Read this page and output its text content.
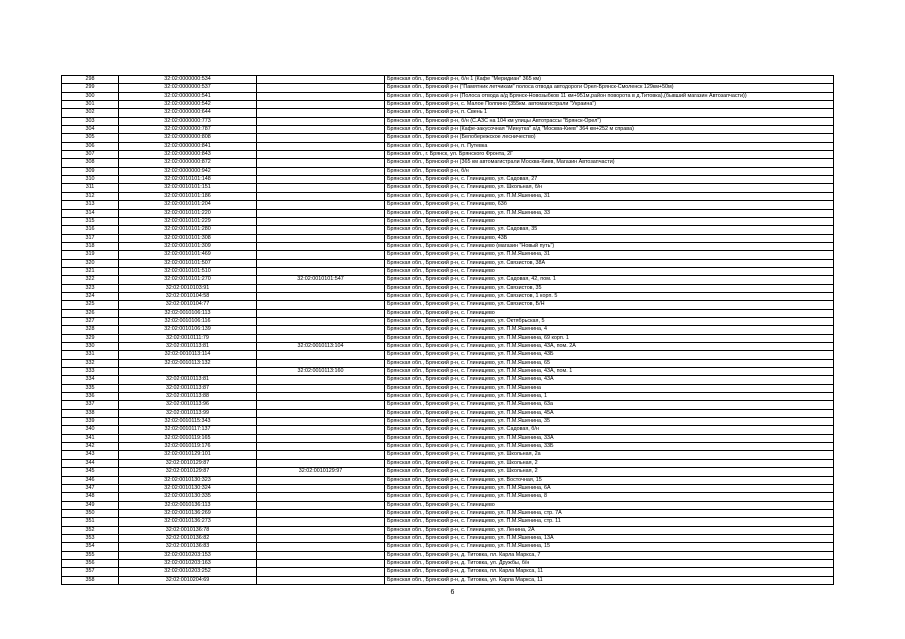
298	32:02:0000000:534		Брянская обл., Брянский р-н, б/н 1 (Кафе "Меридиан" 365 км)
299	32:02:0000000:537		Брянская обл., Брянский р-н ("Памятник летчикам" полоса отвода автодороги Орел-Брянск-Смоленск 129км+50м)
300	32:02:0000000:541		Брянская обл., Брянский р-н (Полоса отвода а/д Брянск-Новозыбков 11 км+951м,район поворота в д.Титовка),(бывший магазин Автозапчасти))
301	32:02:0000000:542		Брянская обл., Брянский р-н, с. Малое Полпино (355км. автомагистрали "Украина")
302	32:02:0000000:644		Брянская обл., Брянский р-н, п. Свень 1
303	32:02:0000000:773		Брянская обл., Брянский р-н, б/н (С.АЗС на 104 км улицы Автотрассы "Брянск-Орел")
304	32:02:0000000:787		Брянская обл., Брянский р-н (Кафе-закусочная "Минутка" а/д "Москва-Киев" 364 км+252 м справа)
305	32:02:0000000:808		Брянская обл., Брянский р-н (Белобережское лесничество)
306	32:02:0000000:841		Брянская обл., Брянский р-н, п. Путевка
307	32:02:0000000:843		Брянская обл., г. Брянск, ул. Брянского Фронта, 2Г
308	32:02:0000000:872		Брянская обл., Брянский р-н (365 км автомагистрали Москва-Киев, Магазин Автозапчасти)
309	32:02:0000000:942		Брянская обл., Брянский р-н, б/н
310	32:02:0010101:148		Брянская обл., Брянский р-н, с. Глинищево, ул. Садовая, 27
311	32:02:0010101:151		Брянская обл., Брянский р-н, с. Глинищево, ул. Школьная, б/н
312	32:02:0010101:186		Брянская обл., Брянский р-н, с. Глинищево, ул. П.М.Яшенина, 31
313	32:02:0010101:204		Брянская обл., Брянский р-н, с. Глинищево, 63б
314	32:02:0010101:220		Брянская обл., Брянский р-н, с. Глинищево, ул. П.М.Яшенина, 33
315	32:02:0010101:229		Брянская обл., Брянский р-н, с. Глинищево
316	32:02:0010101:280		Брянская обл., Брянский р-н, с. Глинищево, ул. Садовая, 35
317	32:02:0010101:308		Брянская обл., Брянский р-н, с. Глинищево, 43Б
318	32:02:0010101:309		Брянская обл., Брянский р-н, с. Глинищево (магазин "Новый путь")
319	32:02:0010101:469		Брянская обл., Брянский р-н, с. Глинищево, ул. П.М.Яшенина, 31
320	32:02:0010101:507		Брянская обл., Брянский р-н, с. Глинищево, ул. Связистов, 38А
321	32:02:0010101:510		Брянская обл., Брянский р-н, с. Глинищево
322	32:02:0010101:270	32:02:0010101:547	Брянская обл., Брянский р-н, с. Глинищево, ул. Садовая, 42, пом. 1
323	32:02:0010103:91		Брянская обл., Брянский р-н, с. Глинищево, ул. Связистов, 35
324	32:02:0010104:58		Брянская обл., Брянский р-н, с. Глинищево, ул. Связистов, 1 корп. 5
325	32:02:0010104:77		Брянская обл., Брянский р-н, с. Глинищево, ул. Связистов, Б/Н
326	32:02:0010106:113		Брянская обл., Брянский р-н, с. Глинищево
327	32:02:0010106:116		Брянская обл., Брянский р-н, с. Глинищево, ул. Октябрьская, 5
328	32:02:0010106:139		Брянская обл., Брянский р-н, с. Глинищево, ул. П.М.Яшенина, 4
329	32:02:0010111:79		Брянская обл., Брянский р-н, с. Глинищево, ул. П.М.Яшенина, 69 корп. 1
330	32:02:0010113:81	32:02:0010113:104	Брянская обл., Брянский р-н, с. Глинищево, ул. П.М.Яшенина, 43А, пом. 2А
331	32:02:0010113:114		Брянская обл., Брянский р-н, с. Глинищево, ул. П.М.Яшенина, 43Б
332	32:02:0010113:132		Брянская обл., Брянский р-н, с. Глинищево, ул. П.М.Яшенина, 65
333		32:02:0010113:160	Брянская обл., Брянский р-н, с. Глинищево, ул. П.М.Яшенина, 43А, пом. 1
334	32:02:0010113:81		Брянская обл., Брянский р-н, с. Глинищево, ул. П.М.Яшенина, 43А
335	32:02:0010113:87		Брянская обл., Брянский р-н, с. Глинищево, ул. П.М.Яшенина
336	32:02:0010113:88		Брянская обл., Брянский р-н, с. Глинищево, ул. П.М.Яшенина, 1
337	32:02:0010113:96		Брянская обл., Брянский р-н, с. Глинищево, ул. П.М.Яшенина, 63а
338	32:02:0010113:99		Брянская обл., Брянский р-н, с. Глинищево, ул. П.М.Яшенина, 45А
339	32:02:0010115:343		Брянская обл., Брянский р-н, с. Глинищево, ул. П.М.Яшенина, 35
340	32:02:0010117:137		Брянская обл., Брянский р-н, с. Глинищево, ул. Садовая, б/н
341	32:02:0010119:165		Брянская обл., Брянский р-н, с. Глинищево, ул. П.М.Яшенина, 33А
342	32:02:0010119:176		Брянская обл., Брянский р-н, с. Глинищево, ул. П.М.Яшенина, 33Б
343	32:02:0010129:101		Брянская обл., Брянский р-н, с. Глинищево, ул. Школьная, 2а
344	32:02:0010129:87		Брянская обл., Брянский р-н, с. Глинищево, ул. Школьная, 2
345	32:02:0010129:87	32:02:0010129:97	Брянская обл., Брянский р-н, с. Глинищево, ул. Школьная, 2
346	32:02:0010130:323		Брянская обл., Брянский р-н, с. Глинищево, ул. Восточная, 15
347	32:02:0010130:324		Брянская обл., Брянский р-н, с. Глинищево, ул. П.М.Яшенина, 6А
348	32:02:0010130:335		Брянская обл., Брянский р-н, с. Глинищево, ул. П.М.Яшенина, 8
349	32:02:0010136:113		Брянская обл., Брянский р-н, с. Глинищево
350	32:02:0010136:269		Брянская обл., Брянский р-н, с. Глинищево, ул. П.М.Яшенина, стр. 7А
351	32:02:0010136:273		Брянская обл., Брянский р-н, с. Глинищево, ул. П.М.Яшенина, стр. 11
352	32:02:0010136:78		Брянская обл., Брянский р-н, с. Глинищево, ул. Ленина, 2А
353	32:02:0010136:82		Брянская обл., Брянский р-н, с. Глинищево, ул. П.М.Яшенина, 13А
354	32:02:0010136:83		Брянская обл., Брянский р-н, с. Глинищево, ул. П.М.Яшенина, 15
355	32:02:0010203:153		Брянская обл., Брянский р-н, д. Титовка, пл. Карла Маркса, 7
356	32:02:0010203:163		Брянская обл., Брянский р-н, д. Титовка, ул. Дружбы, б/н
357	32:02:0010203:252		Брянская обл., Брянский р-н, д. Титовка, пл. Карла Маркса, 11
358	32:02:0010204:69		Брянская обл., Брянский р-н, д. Титовка, ул. Карла Маркса, 11
6
